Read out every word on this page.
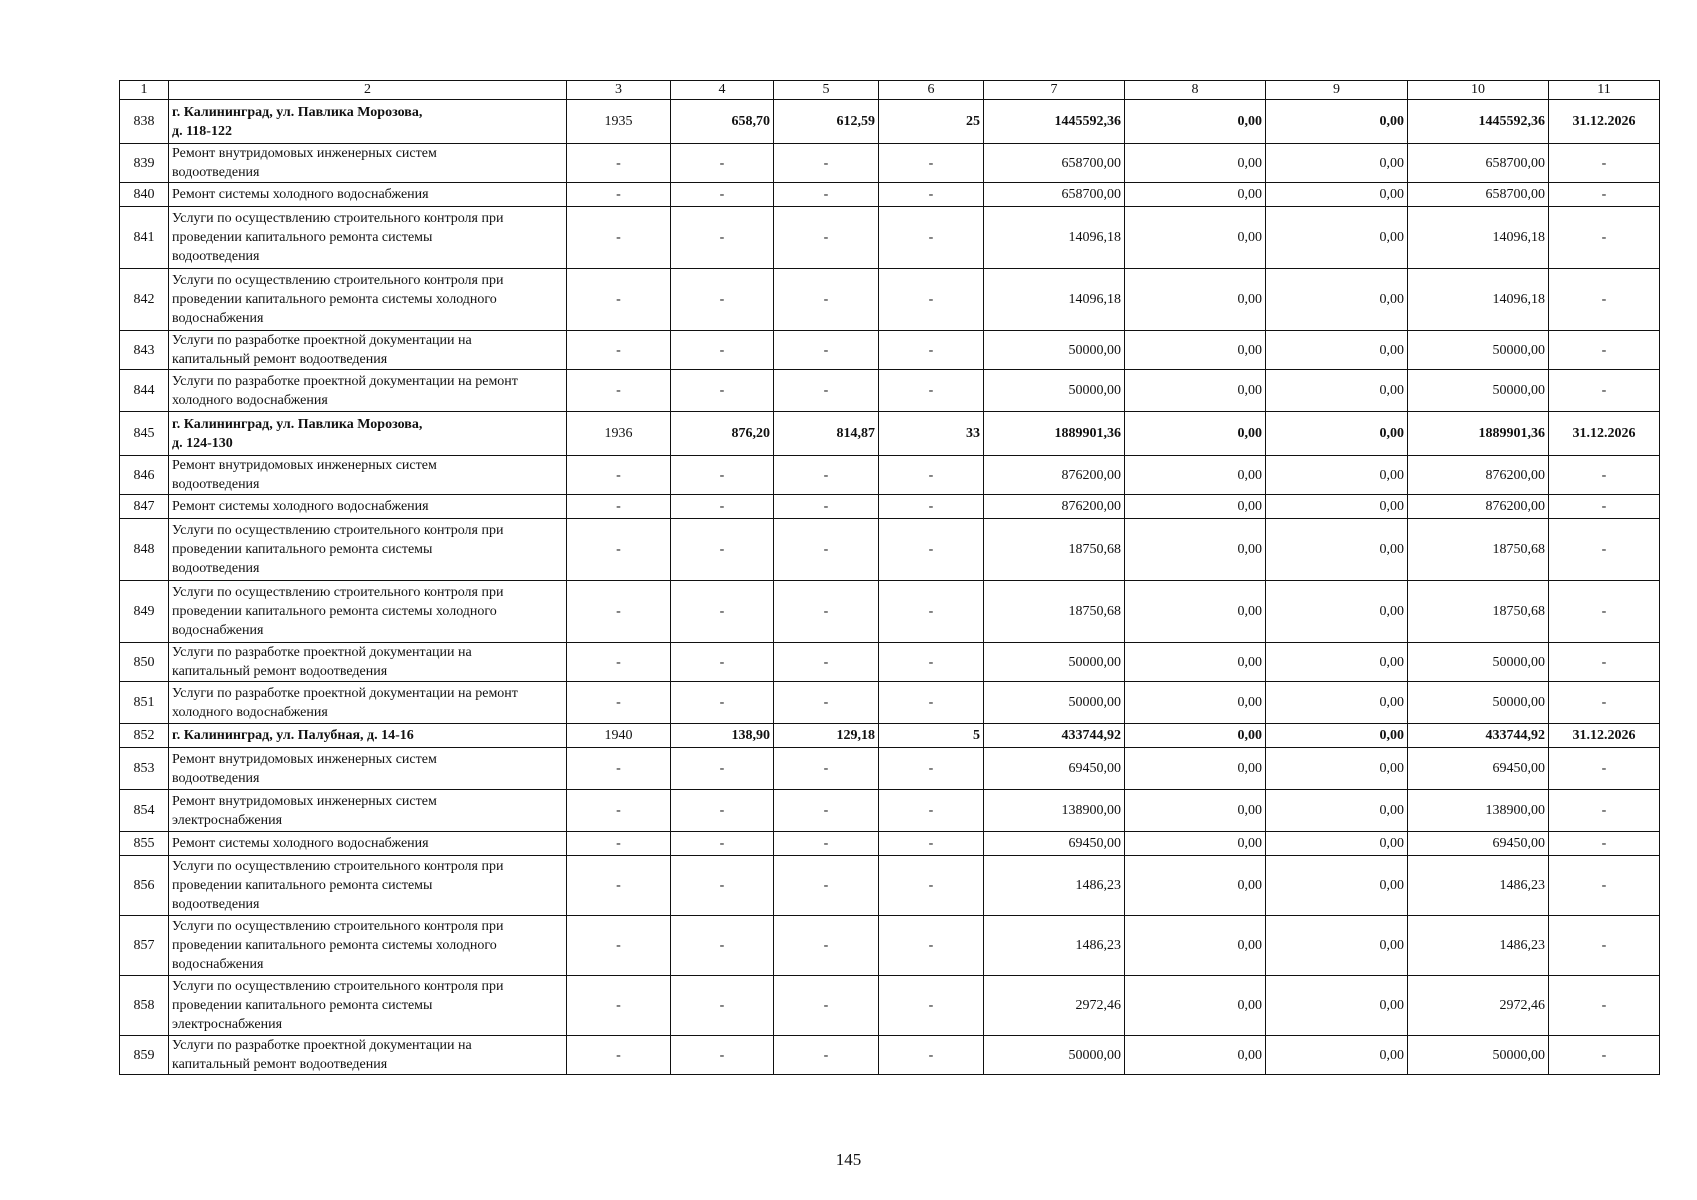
1	2	3	4	5	6	7	8	9	10	11
838	г. Калининград, ул. Павлика Морозова,
д. 118-122	1935	658,70	612,59	25	1445592,36	0,00	0,00	1445592,36	31.12.2026
839	Ремонт внутридомовых инженерных систем
водоотведения	-	-	-	-	658700,00	0,00	0,00	658700,00	-
840	Ремонт системы холодного водоснабжения	-	-	-	-	658700,00	0,00	0,00	658700,00	-
841	Услуги по осуществлению строительного контроля при
проведении капитального ремонта системы
водоотведения	-	-	-	-	14096,18	0,00	0,00	14096,18	-
842	Услуги по осуществлению строительного контроля при
проведении капитального ремонта системы холодного
водоснабжения	-	-	-	-	14096,18	0,00	0,00	14096,18	-
843	Услуги по разработке проектной документации на
капитальный ремонт водоотведения	-	-	-	-	50000,00	0,00	0,00	50000,00	-
844	Услуги по разработке проектной документации на ремонт
холодного водоснабжения	-	-	-	-	50000,00	0,00	0,00	50000,00	-
845	г. Калининград, ул. Павлика Морозова,
д. 124-130	1936	876,20	814,87	33	1889901,36	0,00	0,00	1889901,36	31.12.2026
846	Ремонт внутридомовых инженерных систем
водоотведения	-	-	-	-	876200,00	0,00	0,00	876200,00	-
847	Ремонт системы холодного водоснабжения	-	-	-	-	876200,00	0,00	0,00	876200,00	-
848	Услуги по осуществлению строительного контроля при
проведении капитального ремонта системы
водоотведения	-	-	-	-	18750,68	0,00	0,00	18750,68	-
849	Услуги по осуществлению строительного контроля при
проведении капитального ремонта системы холодного
водоснабжения	-	-	-	-	18750,68	0,00	0,00	18750,68	-
850	Услуги по разработке проектной документации на
капитальный ремонт водоотведения	-	-	-	-	50000,00	0,00	0,00	50000,00	-
851	Услуги по разработке проектной документации на ремонт
холодного водоснабжения	-	-	-	-	50000,00	0,00	0,00	50000,00	-
852	г. Калининград, ул. Палубная, д. 14-16	1940	138,90	129,18	5	433744,92	0,00	0,00	433744,92	31.12.2026
853	Ремонт внутридомовых инженерных систем
водоотведения	-	-	-	-	69450,00	0,00	0,00	69450,00	-
854	Ремонт внутридомовых инженерных систем
электроснабжения	-	-	-	-	138900,00	0,00	0,00	138900,00	-
855	Ремонт системы холодного водоснабжения	-	-	-	-	69450,00	0,00	0,00	69450,00	-
856	Услуги по осуществлению строительного контроля при
проведении капитального ремонта системы
водоотведения	-	-	-	-	1486,23	0,00	0,00	1486,23	-
857	Услуги по осуществлению строительного контроля при
проведении капитального ремонта системы холодного
водоснабжения	-	-	-	-	1486,23	0,00	0,00	1486,23	-
858	Услуги по осуществлению строительного контроля при
проведении капитального ремонта системы
электроснабжения	-	-	-	-	2972,46	0,00	0,00	2972,46	-
859	Услуги по разработке проектной документации на
капитальный ремонт водоотведения	-	-	-	-	50000,00	0,00	0,00	50000,00	-
145
